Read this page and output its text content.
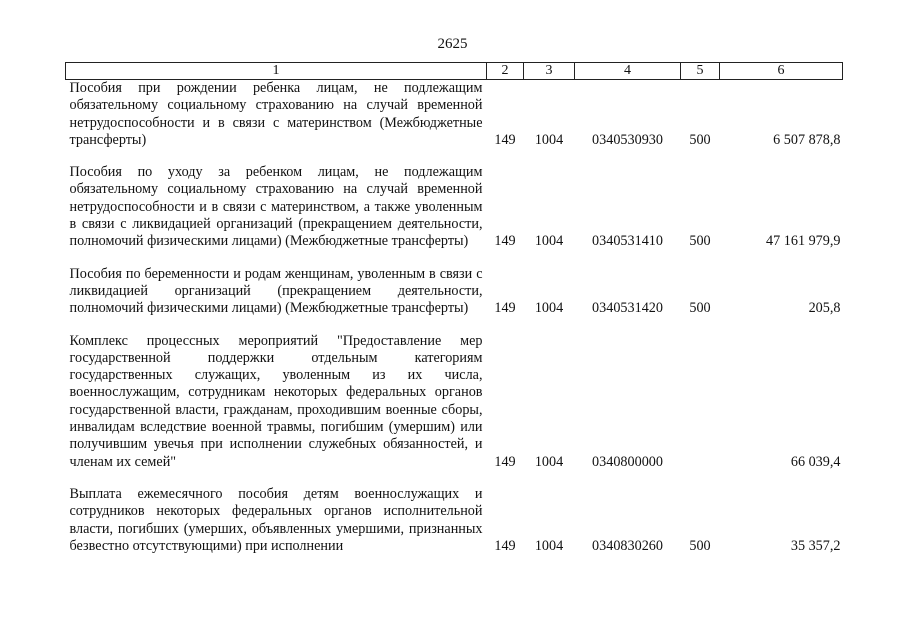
2625
1	2	3	4	5	6
Пособия при рождении ребенка лицам, не подлежащим обязательному социальному страхованию на случай временной нетрудоспособности и в связи с материнством (Межбюджетные трансферты)	149	1004	0340530930	500	6 507 878,8
Пособия по уходу за ребенком лицам, не подлежащим обязательному социальному страхованию на случай временной нетрудоспособности и в связи с материнством, а также уволенным в связи с ликвидацией организаций (прекращением деятельности, полномочий физическими лицами) (Межбюджетные трансферты)	149	1004	0340531410	500	47 161 979,9
Пособия по беременности и родам женщинам, уволенным в связи с ликвидацией организаций (прекращением деятельности, полномочий физическими лицами) (Межбюджетные трансферты)	149	1004	0340531420	500	205,8
Комплекс процессных мероприятий "Предоставление мер государственной поддержки отдельным категориям государственных служащих, уволенным из их числа, военнослужащим, сотрудникам некоторых федеральных органов государственной власти, гражданам, проходившим военные сборы, инвалидам вследствие военной травмы, погибшим (умершим) или получившим увечья при исполнении служебных обязанностей, и членам их семей"	149	1004	0340800000		66 039,4
Выплата ежемесячного пособия детям военнослужащих и сотрудников некоторых федеральных органов исполнительной власти, погибших (умерших, объявленных умершими, признанных безвестно отсутствующими) при исполнении	149	1004	0340830260	500	35 357,2
